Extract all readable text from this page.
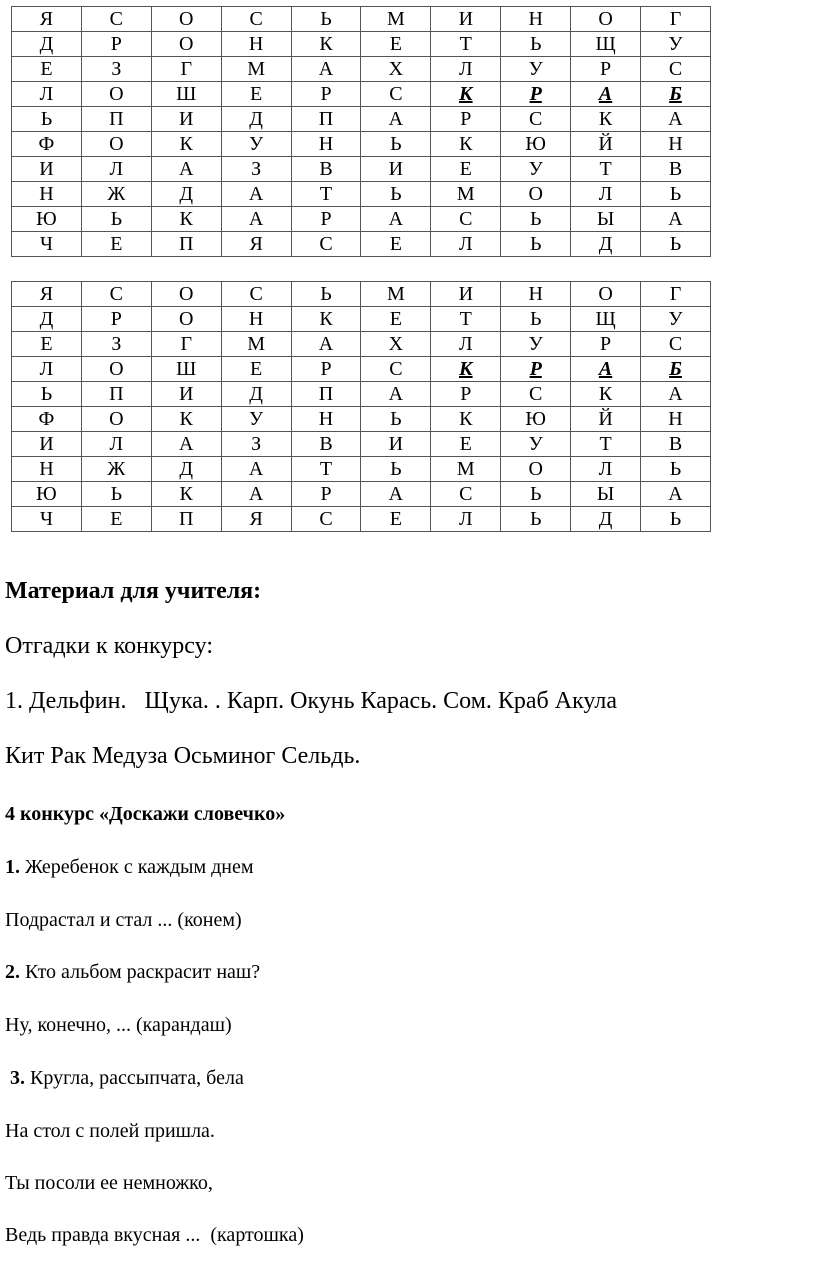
Я	С	О	С	Ь	М	И	Н	О	Г
Д	Р	О	Н	К	Е	Т	Ь	Щ	У
Е	З	Г	М	А	Х	Л	У	Р	С
Л	О	Ш	Е	Р	С	К	Р	А	Б
Ь	П	И	Д	П	А	Р	С	К	А
Ф	О	К	У	Н	Ь	К	Ю	Й	Н
И	Л	А	З	В	И	Е	У	Т	В
Н	Ж	Д	А	Т	Ь	М	О	Л	Ь
Ю	Ь	К	А	Р	А	С	Ь	Ы	А
Ч	Е	П	Я	С	Е	Л	Ь	Д	Ь
Я	С	О	С	Ь	М	И	Н	О	Г
Д	Р	О	Н	К	Е	Т	Ь	Щ	У
Е	З	Г	М	А	Х	Л	У	Р	С
Л	О	Ш	Е	Р	С	К	Р	А	Б
Ь	П	И	Д	П	А	Р	С	К	А
Ф	О	К	У	Н	Ь	К	Ю	Й	Н
И	Л	А	З	В	И	Е	У	Т	В
Н	Ж	Д	А	Т	Ь	М	О	Л	Ь
Ю	Ь	К	А	Р	А	С	Ь	Ы	А
Ч	Е	П	Я	С	Е	Л	Ь	Д	Ь
Материал для учителя:
Отгадки к конкурсу:
1. Дельфин.   Щука. . Карп. Окунь Карась. Сом. Краб Акула
Кит Рак Медуза Осьминог Сельдь.
4 конкурс «Доскажи словечко»
1. Жеребенок с каждым днем
Подрастал и стал ... (конем)
2. Кто альбом раскрасит наш?
Ну, конечно, ... (карандаш)
3. Кругла, рассыпчата, бела
На стол с полей пришла.
Ты посоли ее немножко,
Ведь правда вкусная ...  (картошка)
